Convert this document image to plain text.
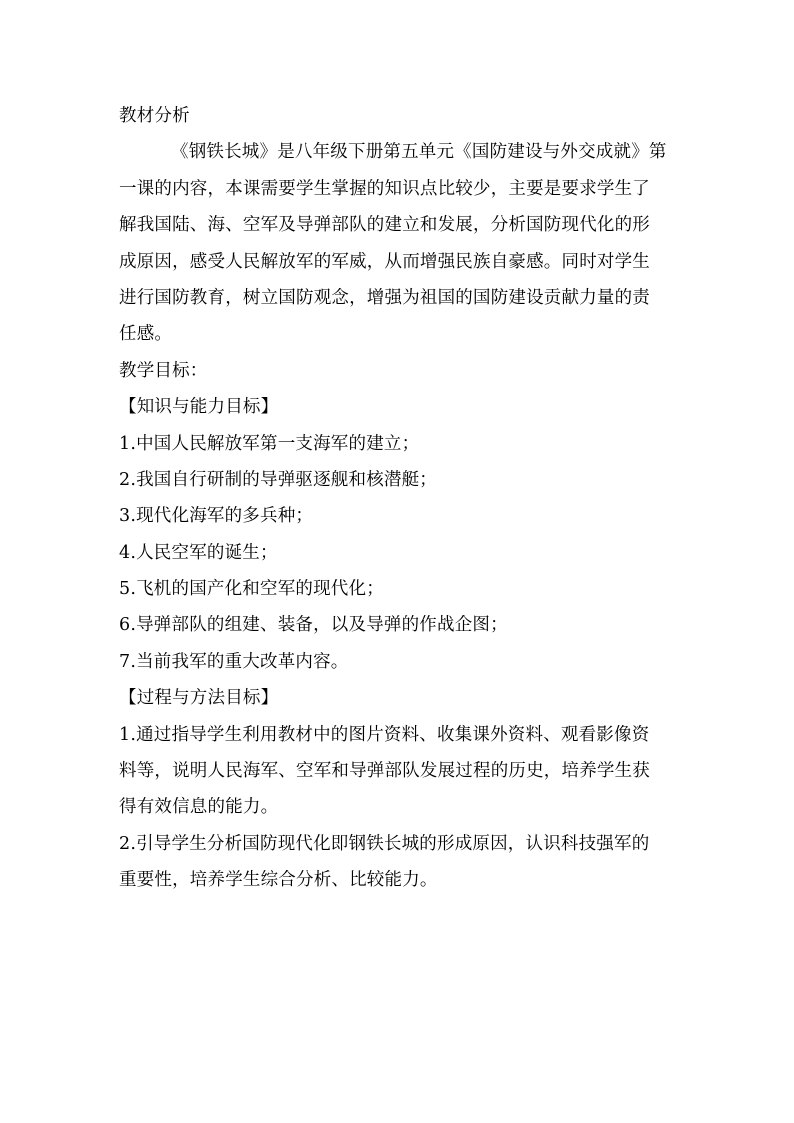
教材分析
《钢铁长城》是八年级下册第五单元《国防建设与外交成就》第
一课的内容，本课需要学生掌握的知识点比较少，主要是要求学生了
解我国陆、海、空军及导弹部队的建立和发展，分析国防现代化的形
成原因，感受人民解放军的军威，从而增强民族自豪感。同时对学生
进行国防教育，树立国防观念，增强为祖国的国防建设贡献力量的责
任感。
教学目标：
【知识与能力目标】
1.中国人民解放军第一支海军的建立；
2.我国自行研制的导弹驱逐舰和核潜艇；
3.现代化海军的多兵种；
4.人民空军的诞生；
5.飞机的国产化和空军的现代化；
6.导弹部队的组建、装备，以及导弹的作战企图；
7.当前我军的重大改革内容。
【过程与方法目标】
1.通过指导学生利用教材中的图片资料、收集课外资料、观看影像资
料等，说明人民海军、空军和导弹部队发展过程的历史，培养学生获
得有效信息的能力。
2.引导学生分析国防现代化即钢铁长城的形成原因，认识科技强军的
重要性，培养学生综合分析、比较能力。
